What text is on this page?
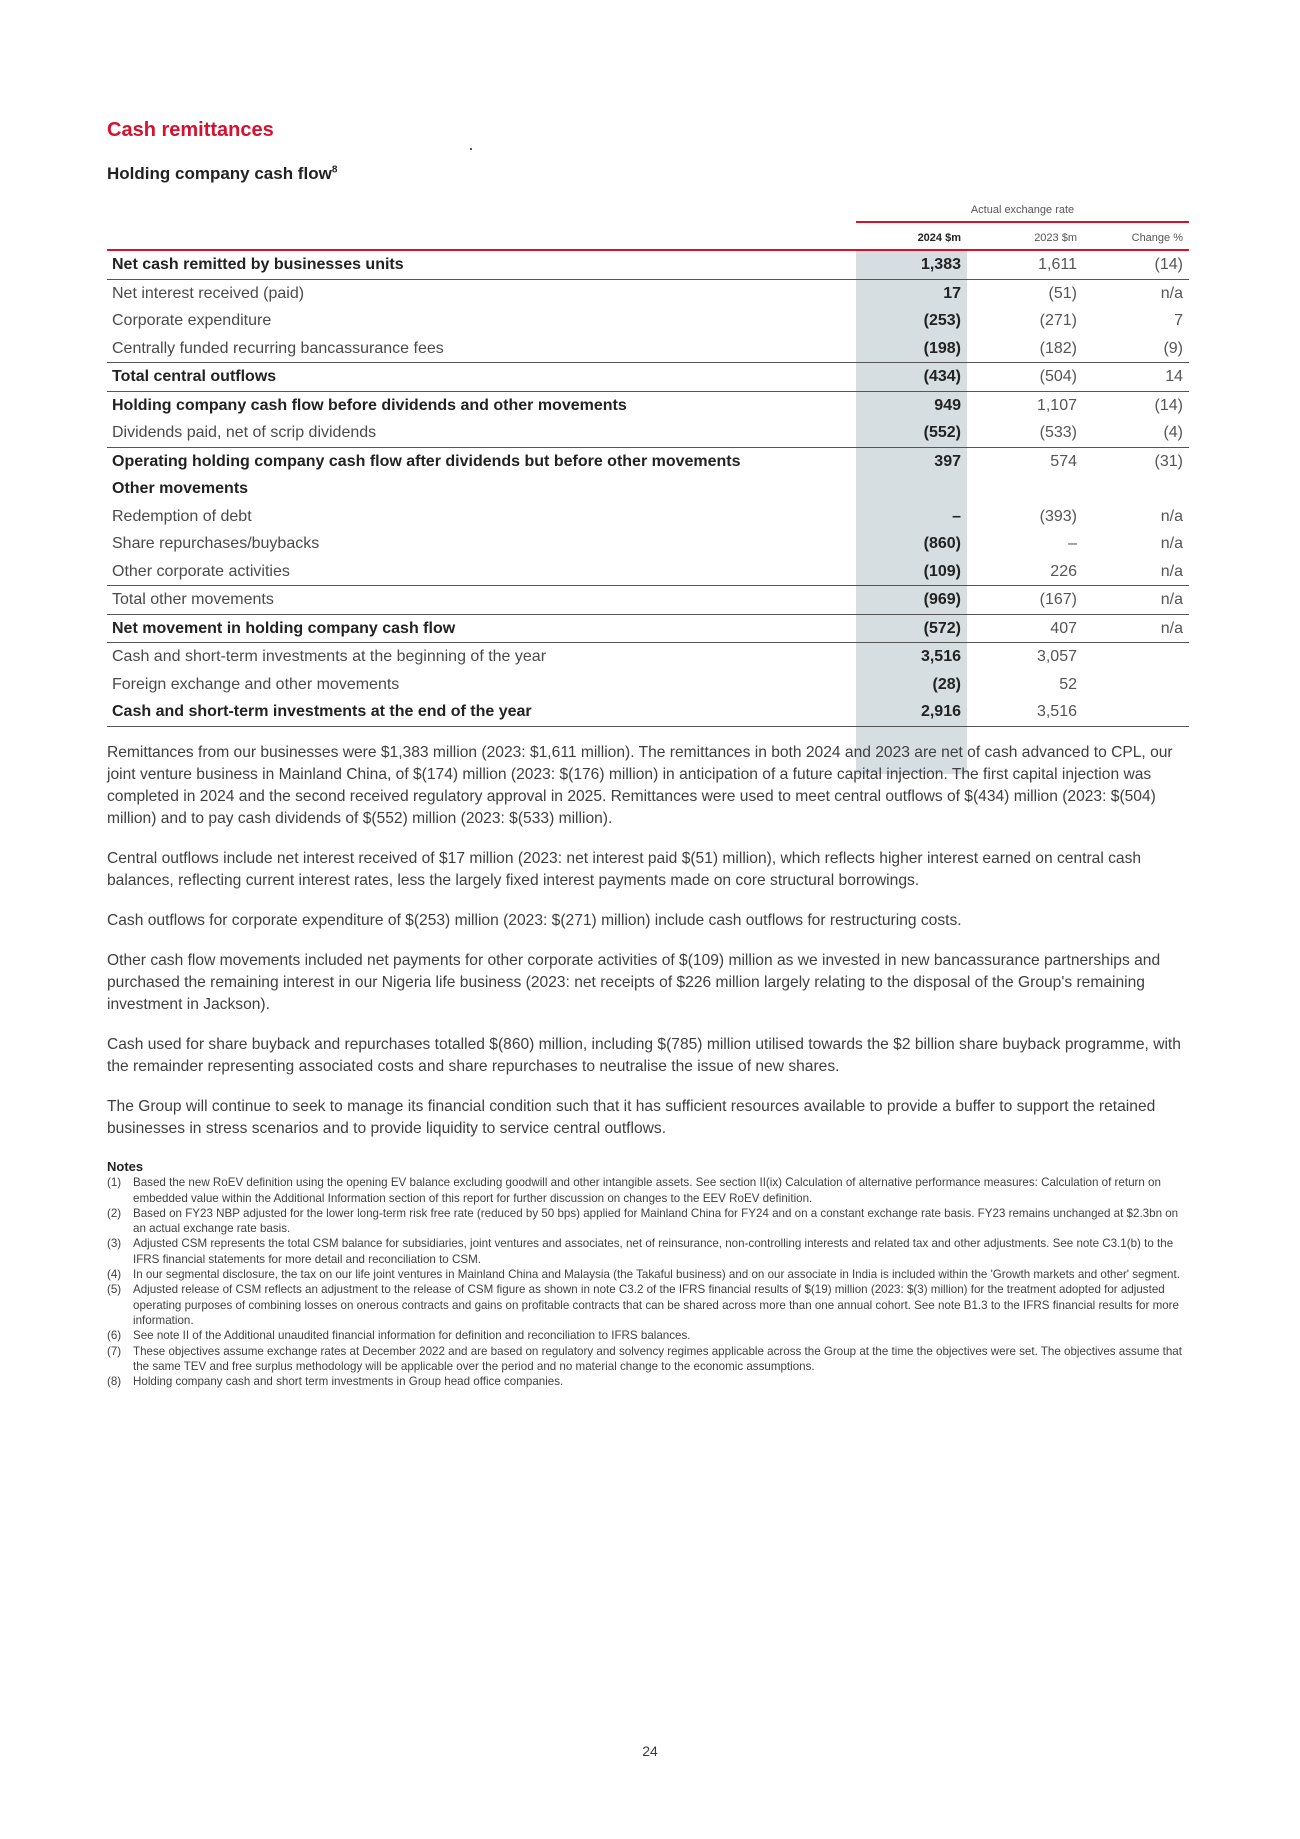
Cash remittances
Holding company cash flow$^8$
Actual exchange rate
2024 $m	2023 $m	Change %
Net cash remitted by businesses units	1,383	1,611	(14)
Net interest received (paid)	17	(51)	n/a
Corporate expenditure	(253)	(271)	7
Centrally funded recurring bancassurance fees	(198)	(182)	(9)
Total central outflows	(434)	(504)	14
Holding company cash flow before dividends and other movements	949	1,107	(14)
Dividends paid, net of scrip dividends	(552)	(533)	(4)
Operating holding company cash flow after dividends but before other movements	397	574	(31)
Other movements
Redemption of debt	–	(393)	n/a
Share repurchases/buybacks	(860)	–	n/a
Other corporate activities	(109)	226	n/a
Total other movements	(969)	(167)	n/a
Net movement in holding company cash flow	(572)	407	n/a
Cash and short-term investments at the beginning of the year	3,516	3,057
Foreign exchange and other movements	(28)	52
Cash and short-term investments at the end of the year	2,916	3,516

Remittances from our businesses were $1,383 million (2023: $1,611 million). The remittances in both 2024 and 2023 are net of cash advanced to CPL, our joint venture business in Mainland China, of $(174) million (2023: $(176) million) in anticipation of a future capital injection. The first capital injection was completed in 2024 and the second received regulatory approval in 2025. Remittances were used to meet central outflows of $(434) million (2023: $(504) million) and to pay cash dividends of $(552) million (2023: $(533) million).

Central outflows include net interest received of $17 million (2023: net interest paid $(51) million), which reflects higher interest earned on central cash balances, reflecting current interest rates, less the largely fixed interest payments made on core structural borrowings.

Cash outflows for corporate expenditure of $(253) million (2023: $(271) million) include cash outflows for restructuring costs.

Other cash flow movements included net payments for other corporate activities of $(109) million as we invested in new bancassurance partnerships and purchased the remaining interest in our Nigeria life business (2023: net receipts of $226 million largely relating to the disposal of the Group's remaining investment in Jackson).

Cash used for share buyback and repurchases totalled $(860) million, including $(785) million utilised towards the $2 billion share buyback programme, with the remainder representing associated costs and share repurchases to neutralise the issue of new shares.

The Group will continue to seek to manage its financial condition such that it has sufficient resources available to provide a buffer to support the retained businesses in stress scenarios and to provide liquidity to service central outflows.

Notes
(1)	Based the new RoEV definition using the opening EV balance excluding goodwill and other intangible assets. See section II(ix) Calculation of alternative performance measures: Calculation of return on embedded value within the Additional Information section of this report for further discussion on changes to the EEV RoEV definition.
(2)	Based on FY23 NBP adjusted for the lower long-term risk free rate (reduced by 50 bps) applied for Mainland China for FY24 and on a constant exchange rate basis. FY23 remains unchanged at $2.3bn on an actual exchange rate basis.
(3)	Adjusted CSM represents the total CSM balance for subsidiaries, joint ventures and associates, net of reinsurance, non-controlling interests and related tax and other adjustments. See note C3.1(b) to the IFRS financial statements for more detail and reconciliation to CSM.
(4)	In our segmental disclosure, the tax on our life joint ventures in Mainland China and Malaysia (the Takaful business) and on our associate in India is included within the 'Growth markets and other' segment.
(5)	Adjusted release of CSM reflects an adjustment to the release of CSM figure as shown in note C3.2 of the IFRS financial results of $(19) million (2023: $(3) million) for the treatment adopted for adjusted operating purposes of combining losses on onerous contracts and gains on profitable contracts that can be shared across more than one annual cohort. See note B1.3 to the IFRS financial results for more information.
(6)	See note II of the Additional unaudited financial information for definition and reconciliation to IFRS balances.
(7)	These objectives assume exchange rates at December 2022 and are based on regulatory and solvency regimes applicable across the Group at the time the objectives were set. The objectives assume that the same TEV and free surplus methodology will be applicable over the period and no material change to the economic assumptions.
(8)	Holding company cash and short term investments in Group head office companies.
24
